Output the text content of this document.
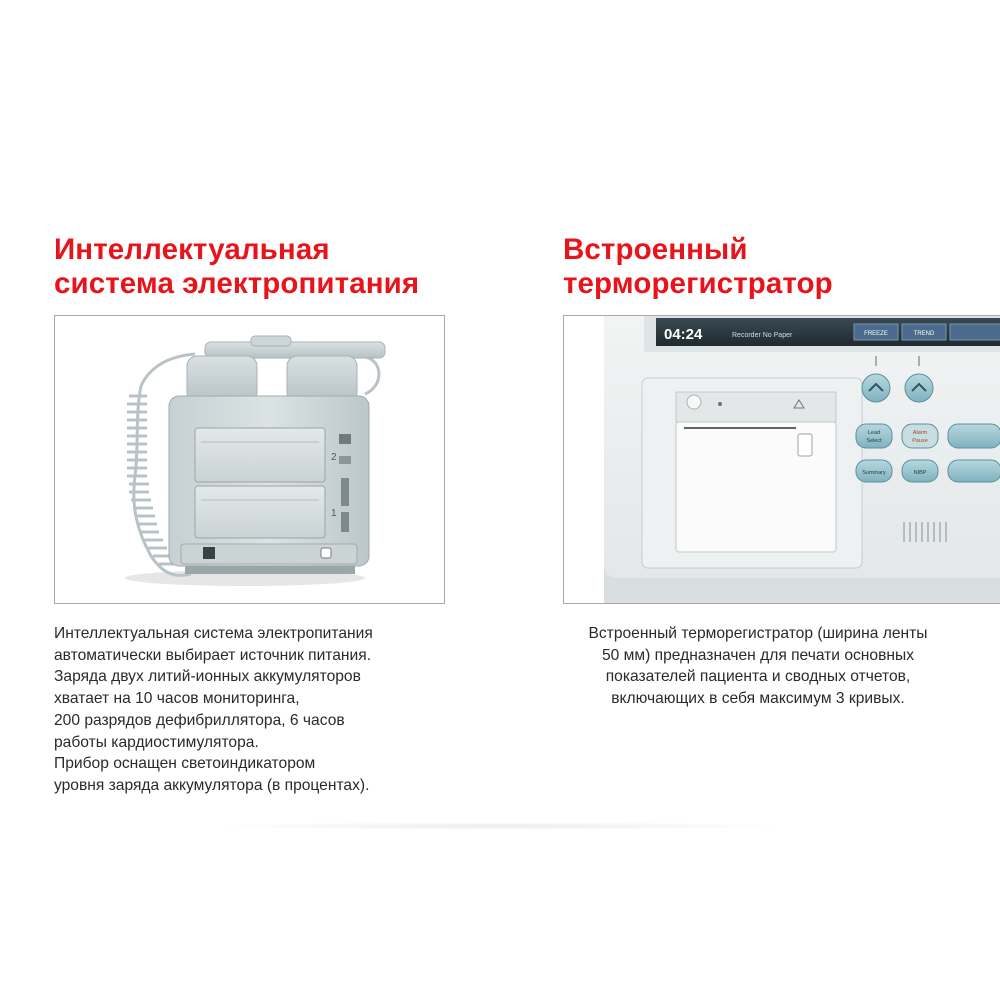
Интеллектуальная
система электропитания
2
1

Интеллектуальная система электропитания
автоматически выбирает источник питания.
Заряда двух литий-ионных аккумуляторов
хватает на 10 часов мониторинга,
200 разрядов дефибриллятора, 6 часов
работы кардиостимулятора.
Прибор оснащен светоиндикатором
уровня заряда аккумулятора (в процентах).

Встроенный
терморегистратор
04:24	Recorder No Paper	FREEZE	TREND
Lead
Select
Alarm
Pause
Summary	NIBP

Встроенный терморегистратор (ширина ленты
50 мм) предназначен для печати основных
показателей пациента и сводных отчетов,
включающих в себя максимум 3 кривых.
